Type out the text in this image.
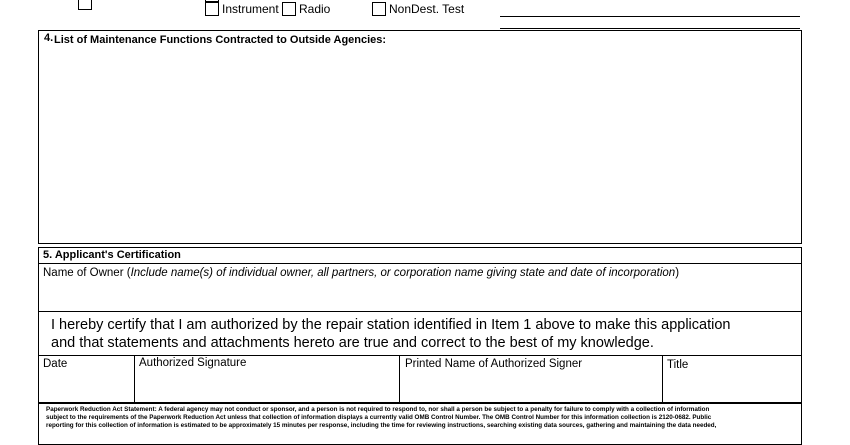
Instrument Radio	NonDest. Test
4. List of Maintenance Functions Contracted to Outside Agencies:
5. Applicant's Certification
Name of Owner (Include name(s) of individual owner, all partners, or corporation name giving state and date of incorporation)
I hereby certify that I am authorized by the repair station identified in Item 1 above to make this application
and that statements and attachments hereto are true and correct to the best of my knowledge.
Date	Authorized Signature	Printed Name of Authorized Signer	Title
Paperwork Reduction Act Statement: A federal agency may not conduct or sponsor, and a person is not required to respond to, nor shall a person be subject to a penalty for failure to comply with a collection of information
subject to the requirements of the Paperwork Reduction Act unless that collection of information displays a currently valid OMB Control Number. The OMB Control Number for this information collection is 2120-0682. Public
reporting for this collection of information is estimated to be approximately 15 minutes per response, including the time for reviewing instructions, searching existing data sources, gathering and maintaining the data needed,
